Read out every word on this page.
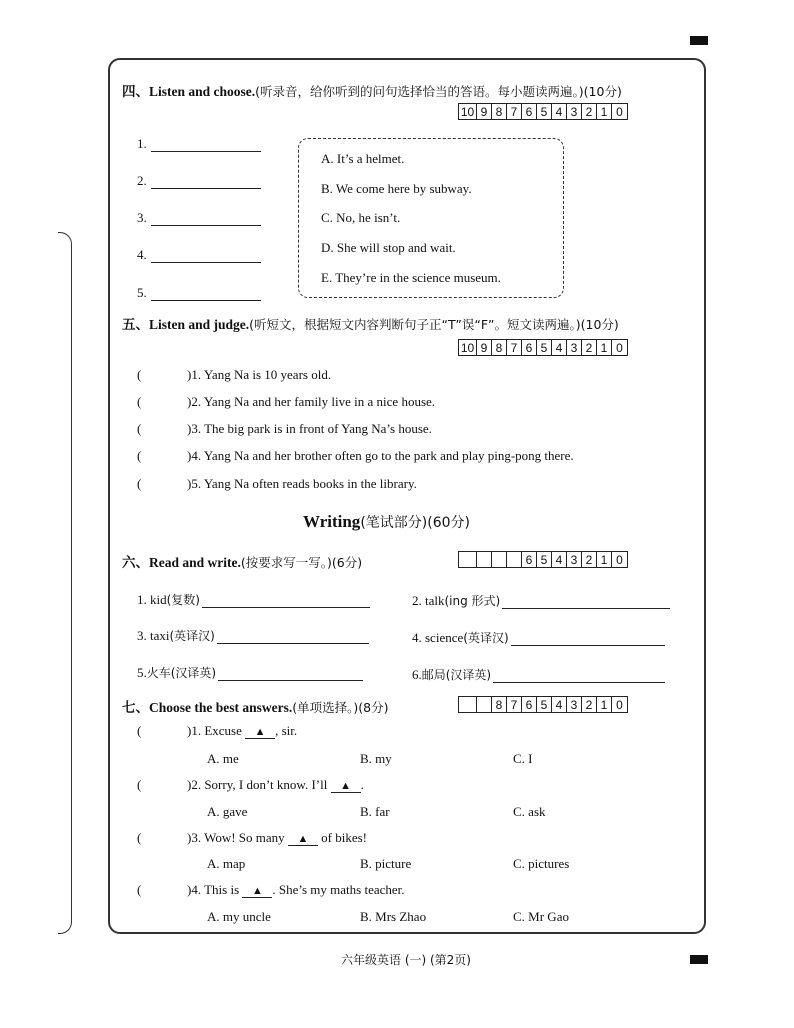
四、Listen and choose.(听录音，给你听到的问句选择恰当的答语。每小题读两遍。)(10分)
10 9 8 7 6 5 4 3 2 1 0
1.
2.
3.
4.
5.
A. It’s a helmet.
B. We come here by subway.
C. No, he isn’t.
D. She will stop and wait.
E. They’re in the science museum.
五、Listen and judge.(听短文，根据短文内容判断句子正“T”误“F”。短文读两遍。)(10分)
10 9 8 7 6 5 4 3 2 1 0
(	)1. Yang Na is 10 years old.
(	)2. Yang Na and her family live in a nice house.
(	)3. The big park is in front of Yang Na’s house.
(	)4. Yang Na and her brother often go to the park and play ping-pong there.
(	)5. Yang Na often reads books in the library.
Writing(笔试部分)(60分)
六、Read and write.(按要求写一写。)(6分)	6 5 4 3 2 1 0
1. kid (复数)	2. talk (ing 形式)
3. taxi (英译汉)	4. science (英译汉)
5. 火车(汉译英)	6. 邮局(汉译英)
七、Choose the best answers.(单项选择。)(8分)	8 7 6 5 4 3 2 1 0
(	)1. Excuse ▲ , sir.
A. me	B. my	C. I
(	)2. Sorry, I don’t know. I’ll ▲ .
A. gave	B. far	C. ask
(	)3. Wow! So many ▲ of bikes!
A. map	B. picture	C. pictures
(	)4. This is ▲ . She’s my maths teacher.
A. my uncle	B. Mrs Zhao	C. Mr Gao
六年级英语 (一) (第2页)
